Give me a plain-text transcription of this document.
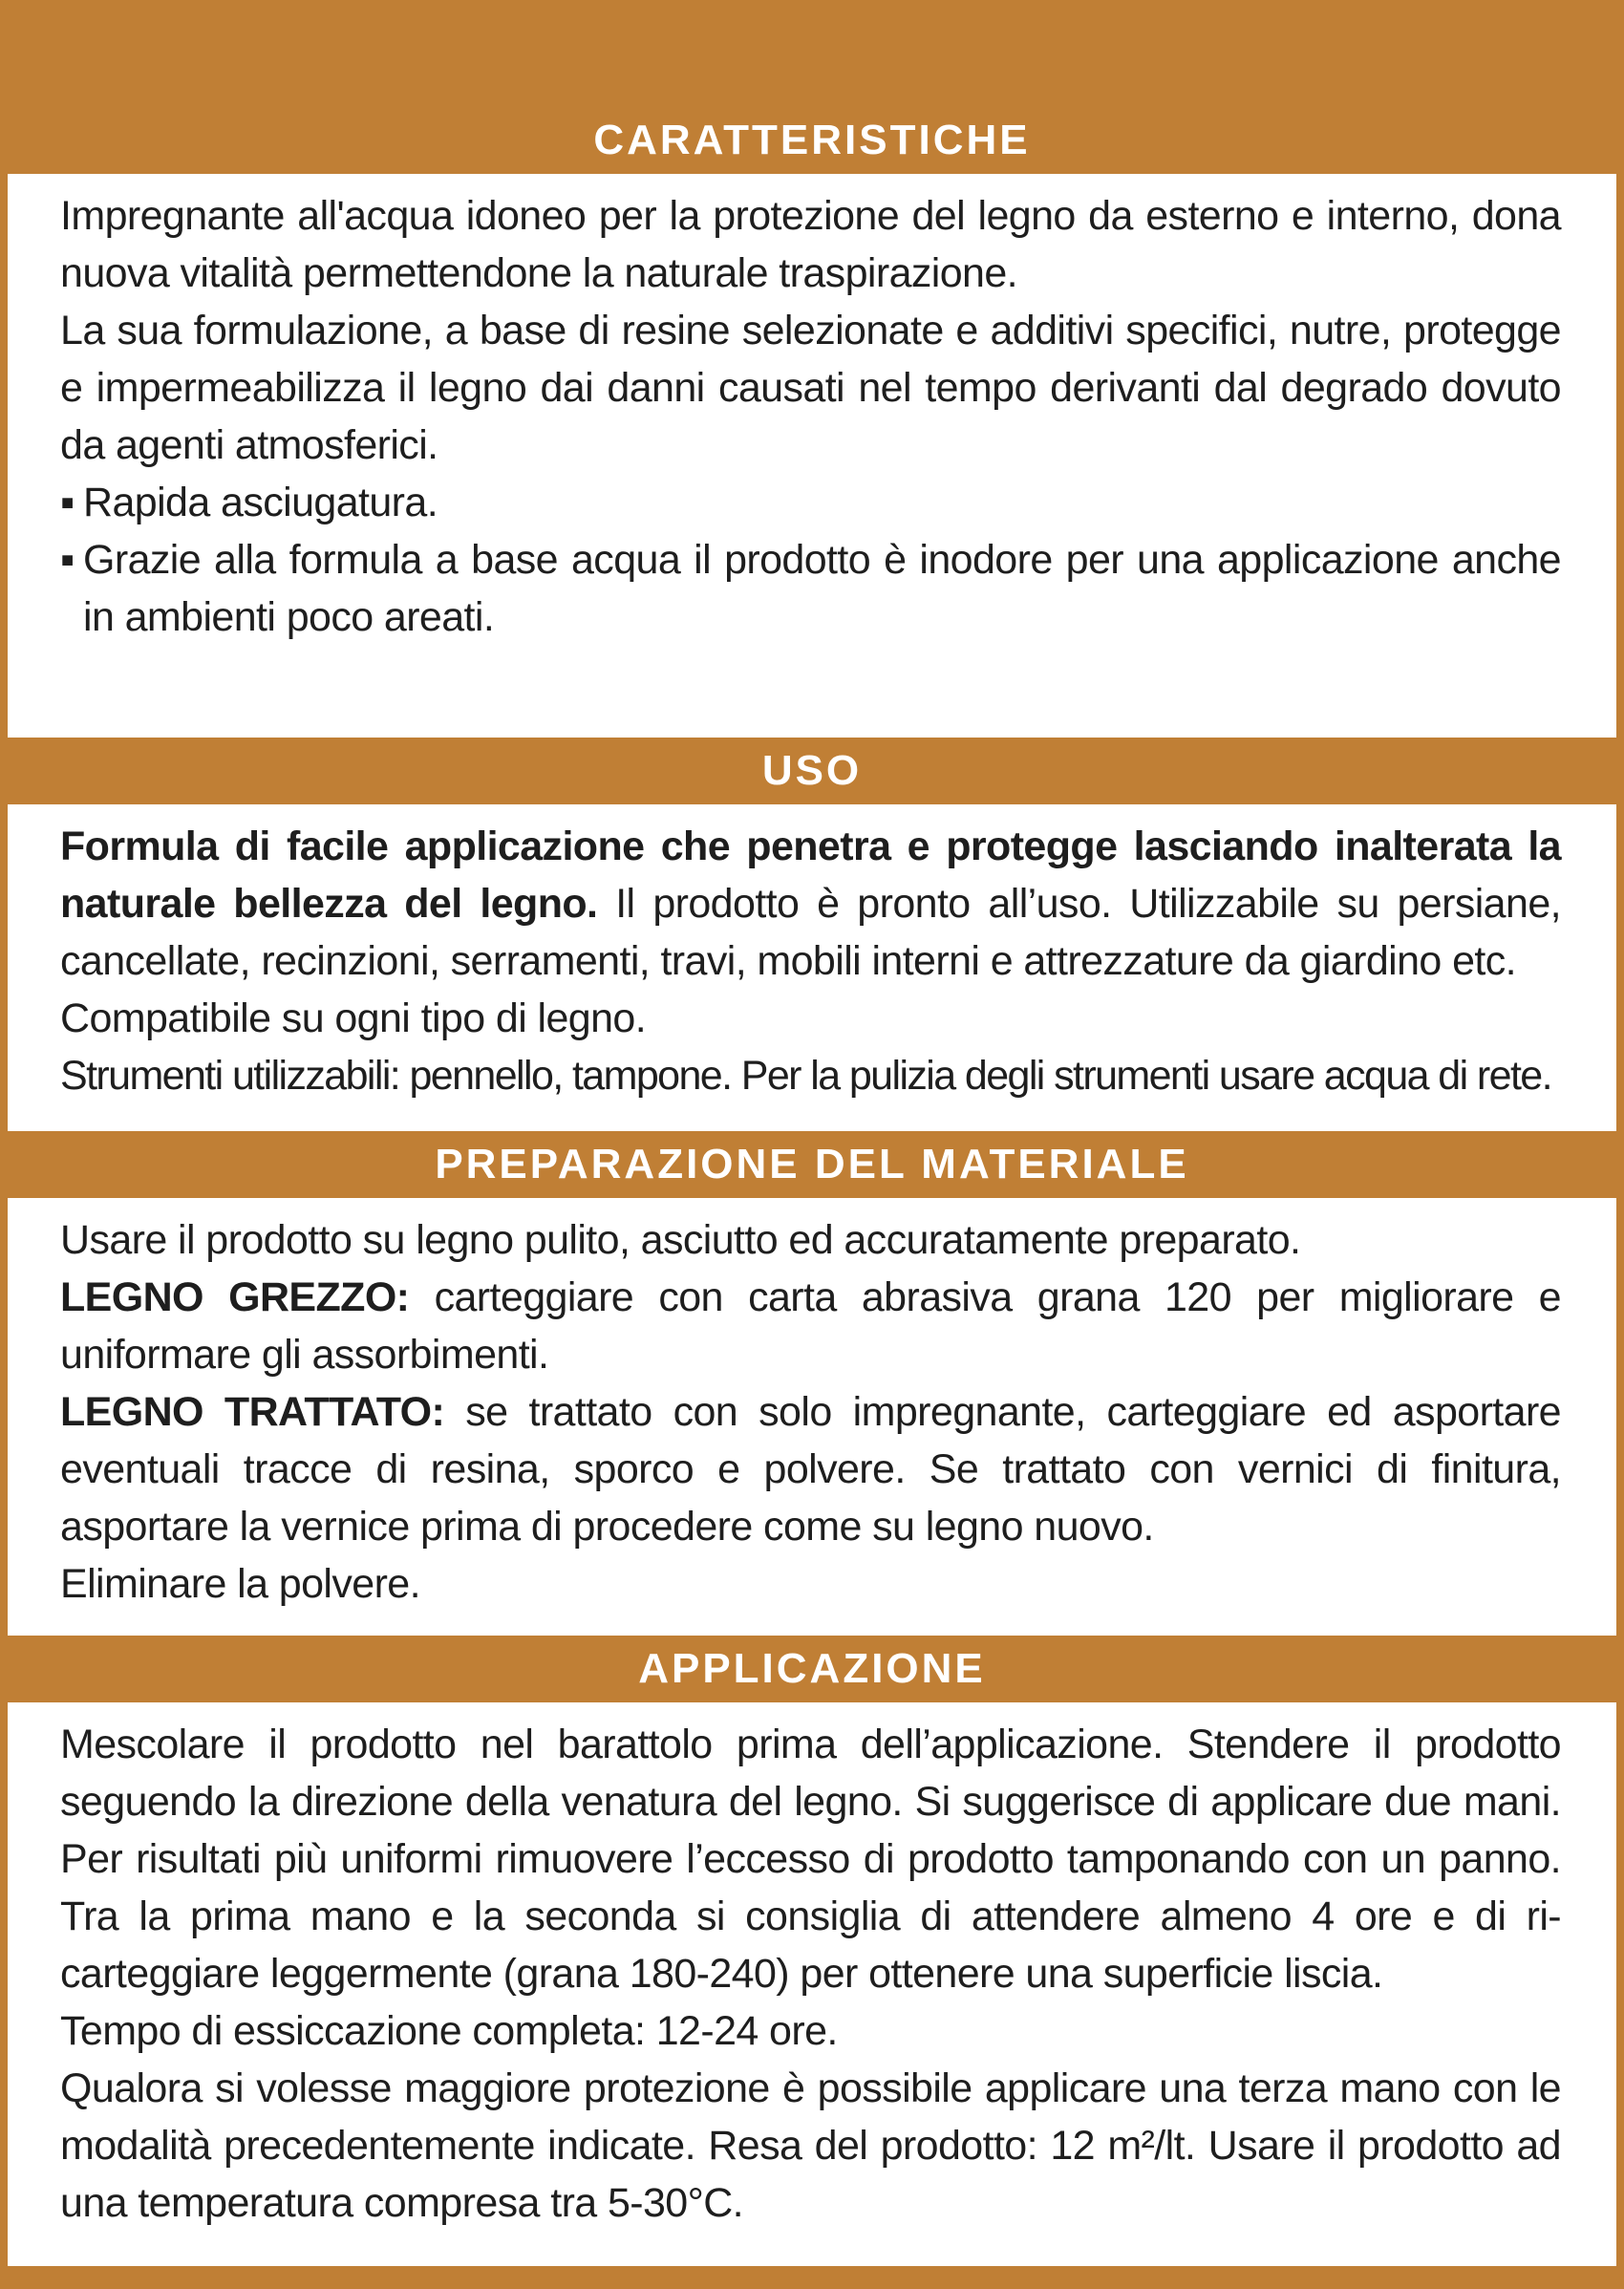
CARATTERISTICHE

Impregnante all'acqua idoneo per la protezione del legno da esterno e interno, dona nuova vitalità permettendone la naturale traspirazione.

La sua formulazione, a base di resine selezionate e additivi specifici, nutre, protegge e impermeabilizza il legno dai danni causati nel tempo derivanti dal degrado dovuto da agenti atmosferici.

▪ Rapida asciugatura.
▪ Grazie alla formula a base acqua il prodotto è inodore per una applicazione anche in ambienti poco areati.
USO

Formula di facile applicazione che penetra e protegge lasciando inalterata la naturale bellezza del legno. Il prodotto è pronto all’uso. Utilizzabile su persiane, cancellate, recinzioni, serramenti, travi, mobili interni e attrezzature da giardino etc.

Compatibile su ogni tipo di legno.

Strumenti utilizzabili: pennello, tampone. Per la pulizia degli strumenti usare acqua di rete.

PREPARAZIONE DEL MATERIALE

Usare il prodotto su legno pulito, asciutto ed accuratamente preparato.

LEGNO GREZZO: carteggiare con carta abrasiva grana 120 per migliorare e uniformare gli assorbimenti.

LEGNO TRATTATO: se trattato con solo impregnante, carteggiare ed asportare eventuali tracce di resina, sporco e polvere. Se trattato con vernici di finitura, asportare la vernice prima di procedere come su legno nuovo.

Eliminare la polvere.

APPLICAZIONE

Mescolare il prodotto nel barattolo prima dell’applicazione. Stendere il prodotto seguendo la direzione della venatura del legno. Si suggerisce di applicare due mani. Per risultati più uniformi rimuovere l’eccesso di prodotto tamponando con un panno. Tra la prima mano e la seconda si consiglia di attendere almeno 4 ore e di ri-carteggiare leggermente (grana 180-240) per ottenere una superficie liscia.

Tempo di essiccazione completa: 12-24 ore.

Qualora si volesse maggiore protezione è possibile applicare una terza mano con le modalità precedentemente indicate. Resa del prodotto: 12 m²/lt. Usare il prodotto ad una temperatura compresa tra 5-30°C.
